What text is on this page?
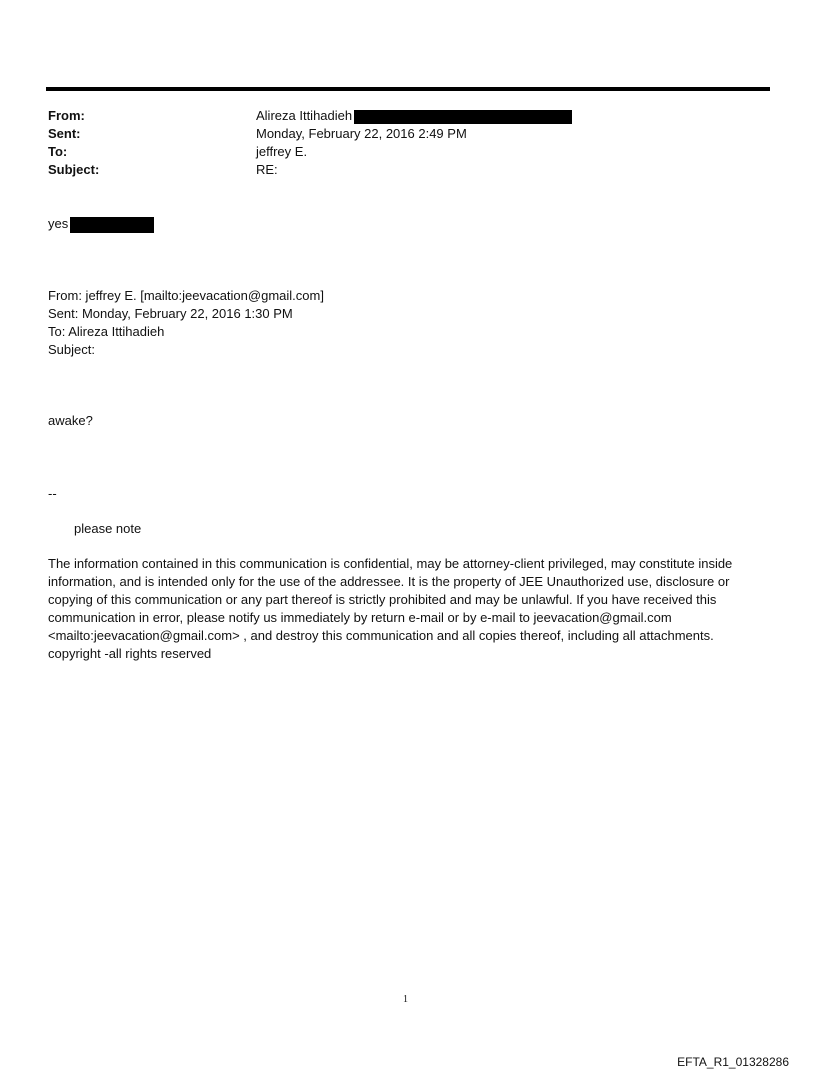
From:	Alireza Ittihadieh
Sent:	Monday, February 22, 2016 2:49 PM
To:	jeffrey E.
Subject:	RE:
yes
From: jeffrey E. [mailto:jeevacation@gmail.com]
Sent: Monday, February 22, 2016 1:30 PM
To: Alireza Ittihadieh
Subject:
awake?
--
please note
The information contained in this communication is confidential, may be attorney-client privileged, may constitute inside information, and is intended only for the use of the addressee. It is the property of JEE Unauthorized use, disclosure or copying of this communication or any part thereof is strictly prohibited and may be unlawful. If you have received this communication in error, please notify us immediately by return e-mail or by e-mail to jeevacation@gmail.com <mailto:jeevacation@gmail.com> , and destroy this communication and all copies thereof, including all attachments. copyright -all rights reserved
1
EFTA_R1_01328286
